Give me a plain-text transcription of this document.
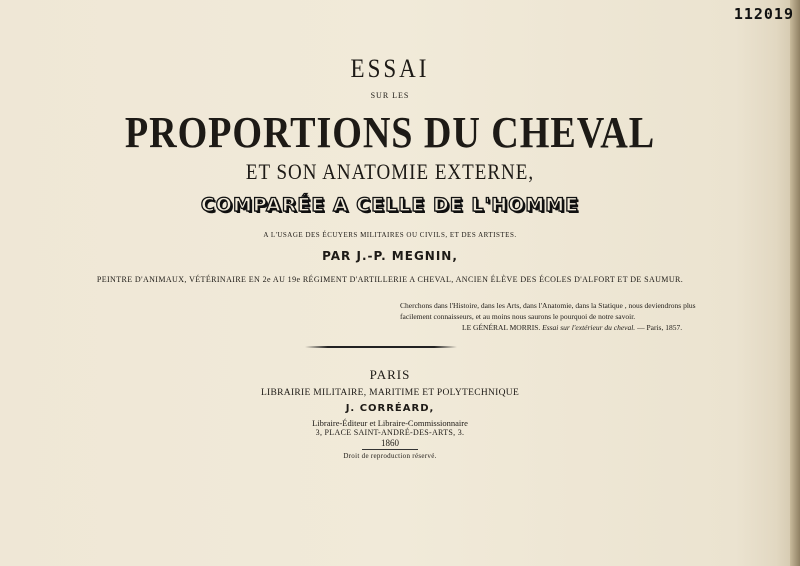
112019
ESSAI
SUR LES
PROPORTIONS DU CHEVAL
ET SON ANATOMIE EXTERNE,
COMPARÉE A CELLE DE L'HOMME
A L'USAGE DES ÉCUYERS MILITAIRES OU CIVILS, ET DES ARTISTES.
PAR J.-P. MEGNIN,
PEINTRE D'ANIMAUX, VÉTÉRINAIRE EN 2e AU 19e RÉGIMENT D'ARTILLERIE A CHEVAL, ANCIEN ÉLÈVE DES ÉCOLES D'ALFORT ET DE SAUMUR.
Cherchons dans l'Histoire, dans les Arts, dans l'Anatomie, dans la Statique , nous deviendrons plus
facilement connaisseurs, et au moins nous saurons le pourquoi de notre savoir.
LE GÉNÉRAL MORRIS. Essai sur l'extérieur du cheval. — Paris, 1857.
PARIS
LIBRAIRIE MILITAIRE, MARITIME ET POLYTECHNIQUE
J. CORRÉARD,
Libraire-Éditeur et Libraire-Commissionnaire
3, PLACE SAINT-ANDRÉ-DES-ARTS, 3.
1860
Droit de reproduction réservé.
